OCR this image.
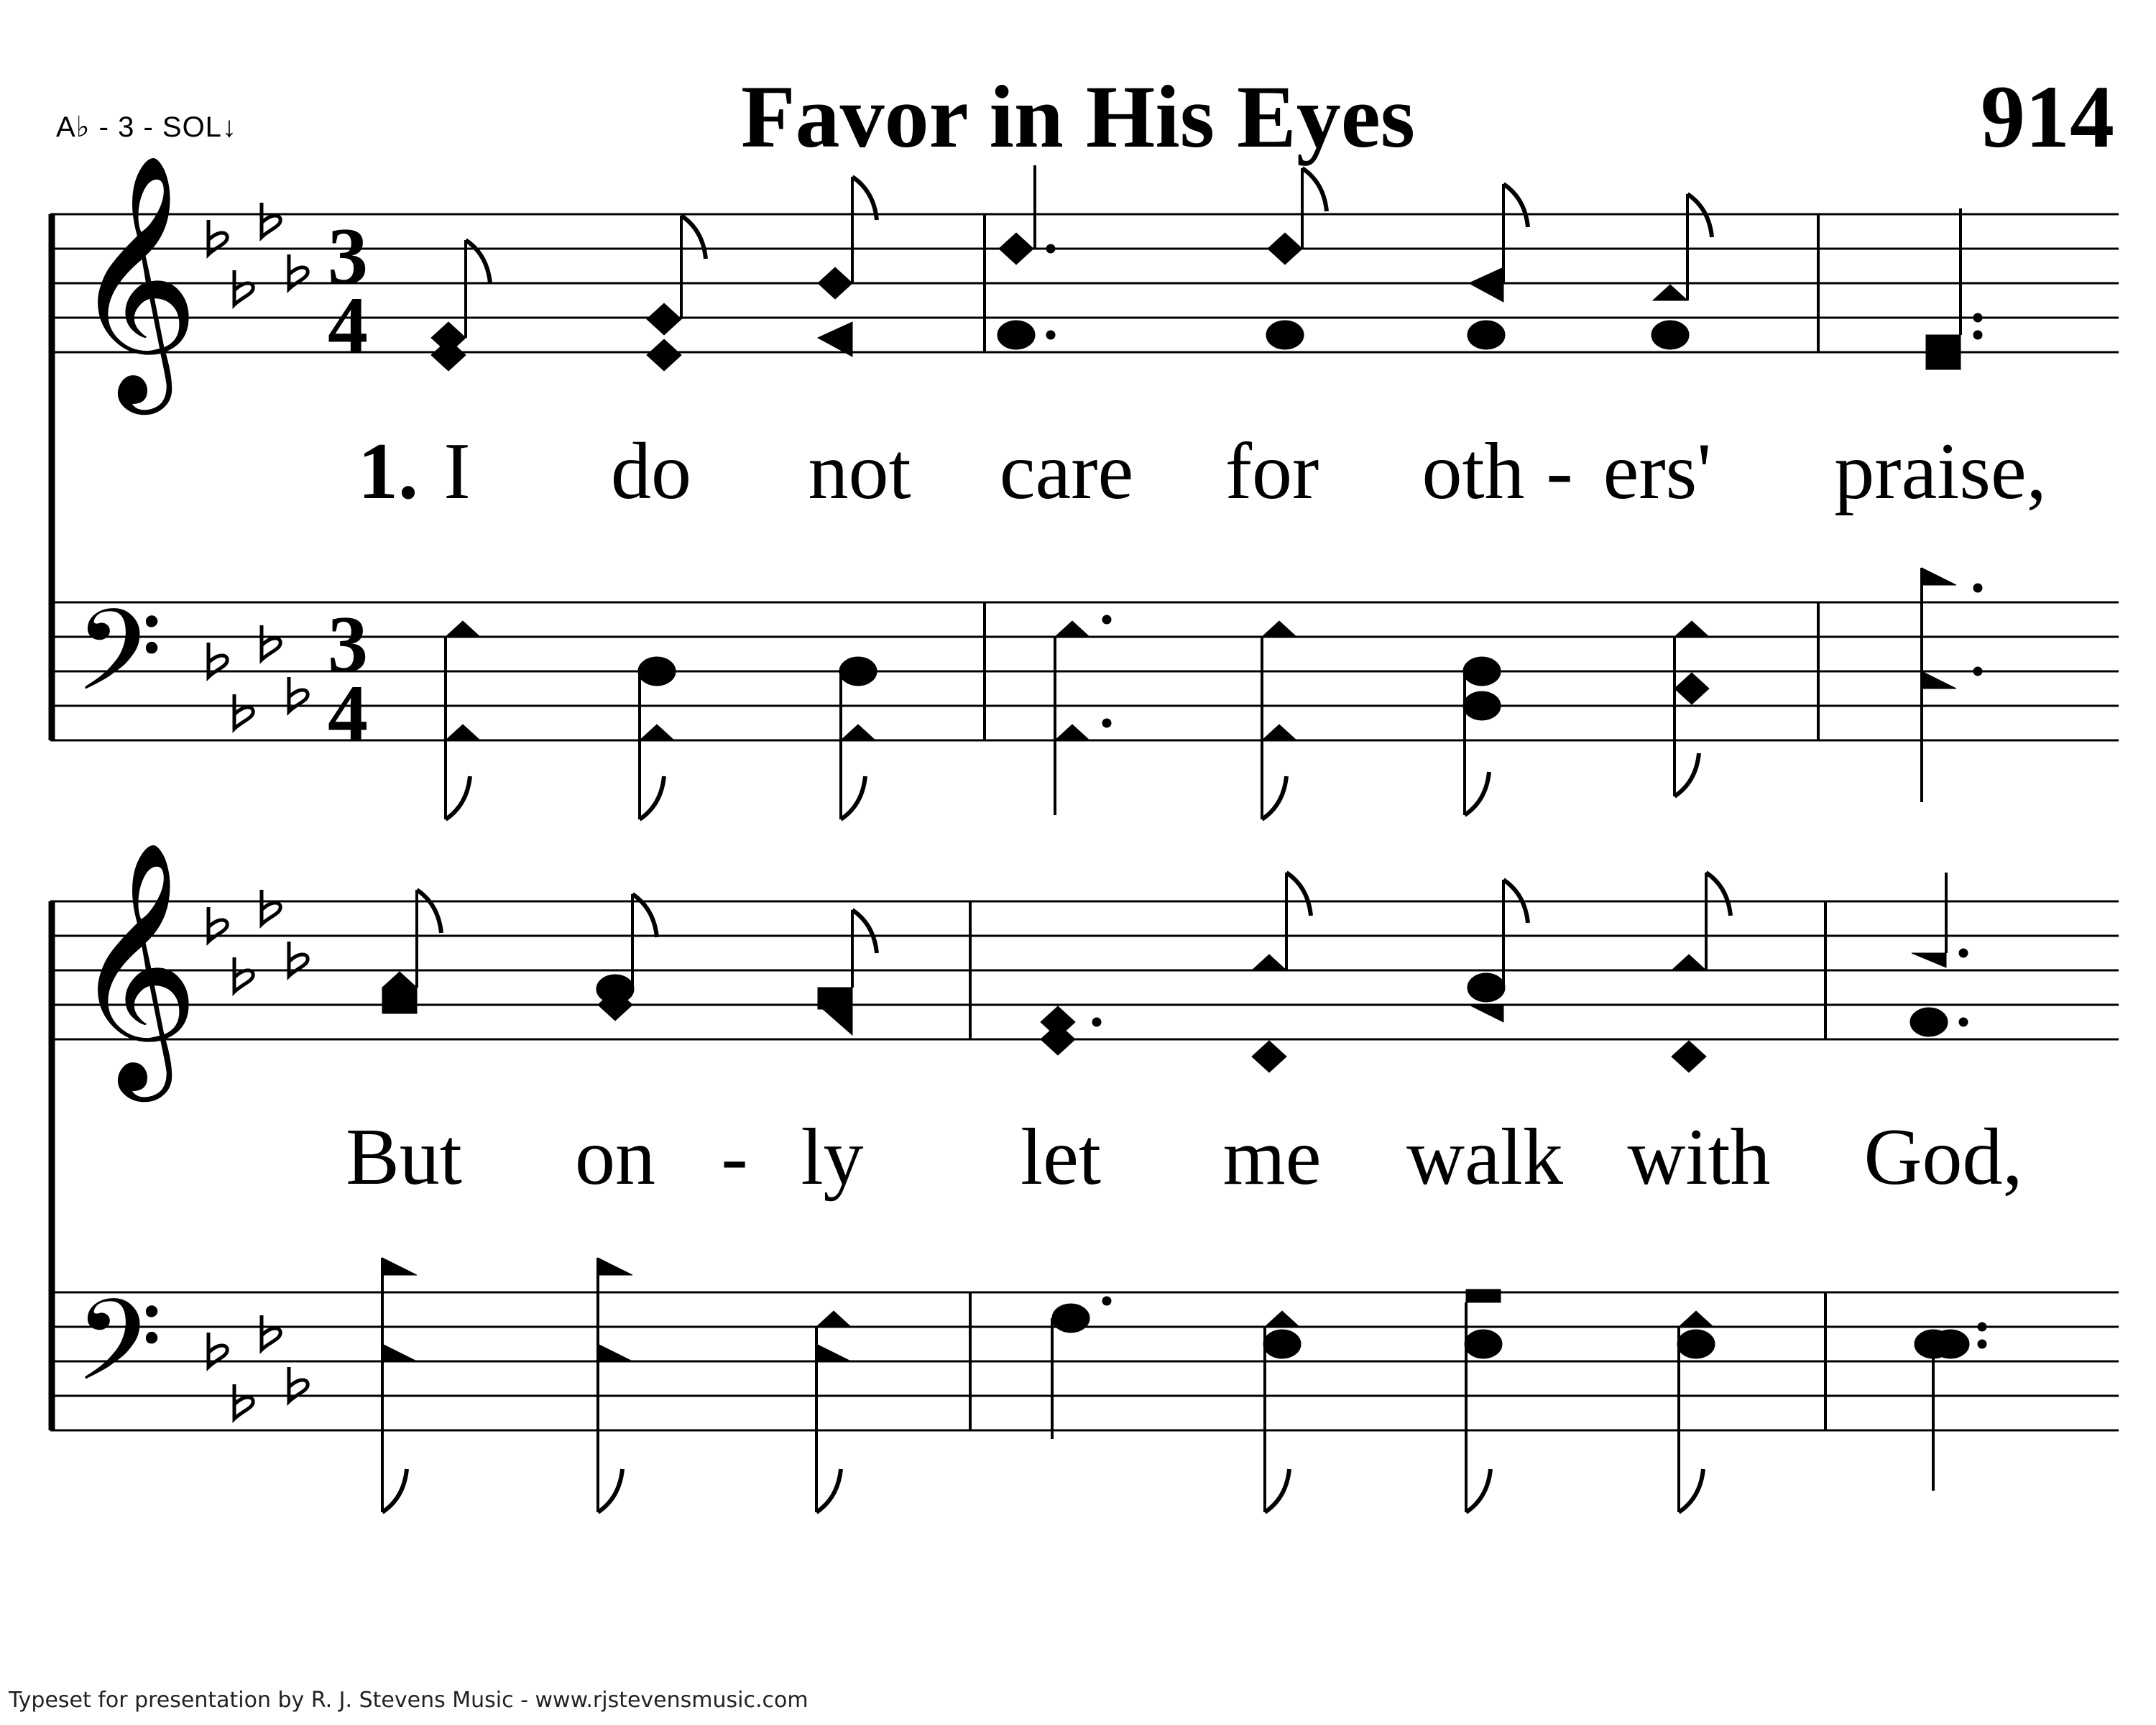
A♭ - 3 - SOL↓	Favor in His Eyes	914
𝄞
𝄢
3
4
3
4
𝄞
𝄢
1. I do not care for oth - ers' praise,
But on - ly let me walk with God,
Typeset for presentation by R. J. Stevens Music - www.rjstevensmusic.com
